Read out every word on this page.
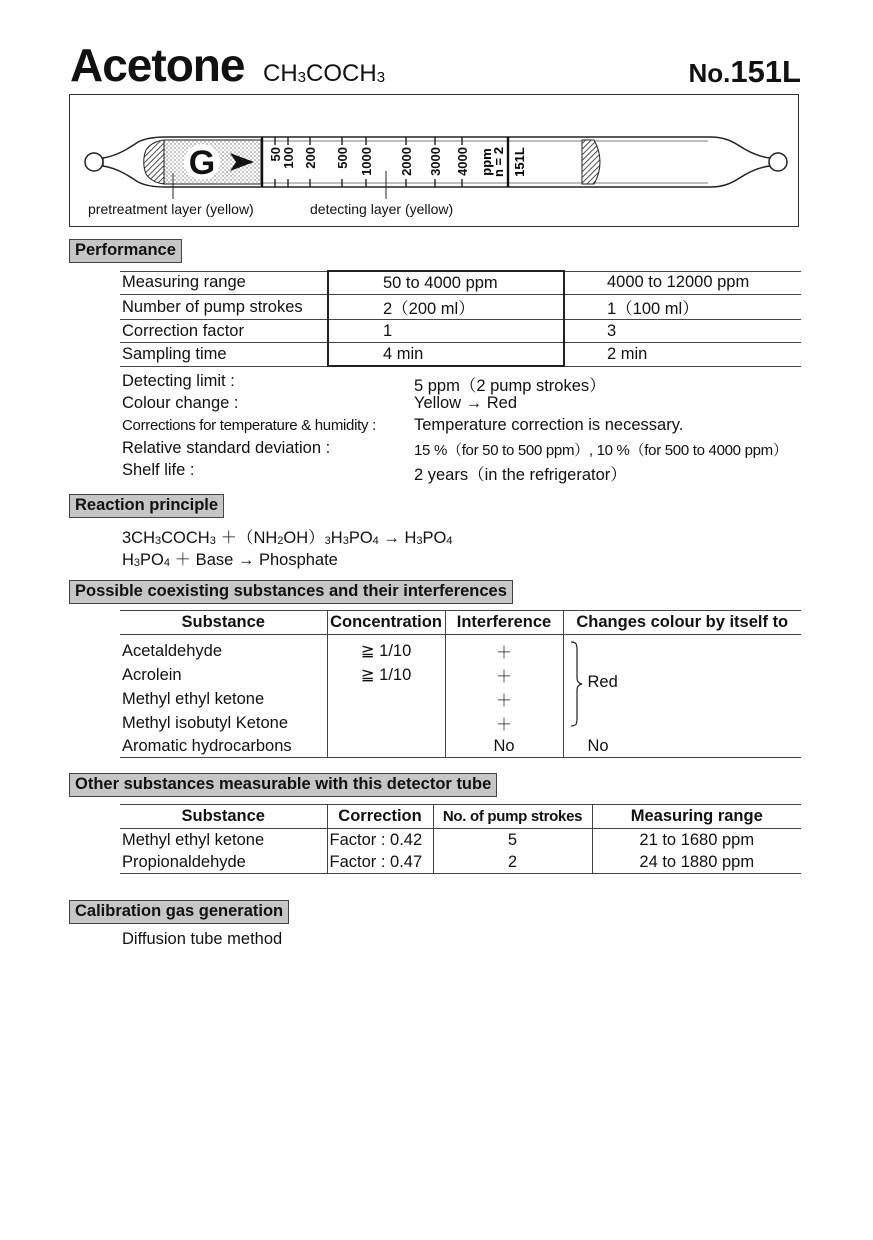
Acetone $CH_3COCH_3$	No.151L
G	50
100 200 500 1000 2000 3000 4000 ppm
n = 2 151L
pretreatment layer (yellow)	detecting layer (yellow)
Performance
Measuring range	50 to 4000 ppm	4000 to 12000 ppm
Number of pump strokes	2（200 ml）	1（100 ml）
Correction factor	1	3
Sampling time	4 min	2 min
Detecting limit :	5 ppm（2 pump strokes）
Colour change :	Yellow → Red
Corrections for temperature & humidity : Temperature correction is necessary.
Relative standard deviation :	15 %（for 50 to 500 ppm）, 10 %（for 500 to 4000 ppm）
Shelf life :	2 years（in the refrigerator）
Reaction principle
$3CH_3COCH_3 +(NH_2OH)_3H_3PO_4 \to H_3PO_4$
$H_3PO_4$ ＋ Base → Phosphate
Possible coexisting substances and their interferences
Substance	Concentration	Interference	Changes colour by itself to
Acetaldehyde	≧ 1/10	＋	Red

Acrolein	≧ 1/10	＋	
Methyl ethyl ketone		＋	
Methyl isobutyl Ketone		＋	
Aromatic hydrocarbons		No	No
Other substances measurable with this detector tube
Substance	Correction	No. of pump strokes	Measuring range
Methyl ethyl ketone	Factor : 0.42	5	21 to 1680 ppm
Propionaldehyde	Factor : 0.47	2	24 to 1880 ppm
Calibration gas generation
Diffusion tube method
